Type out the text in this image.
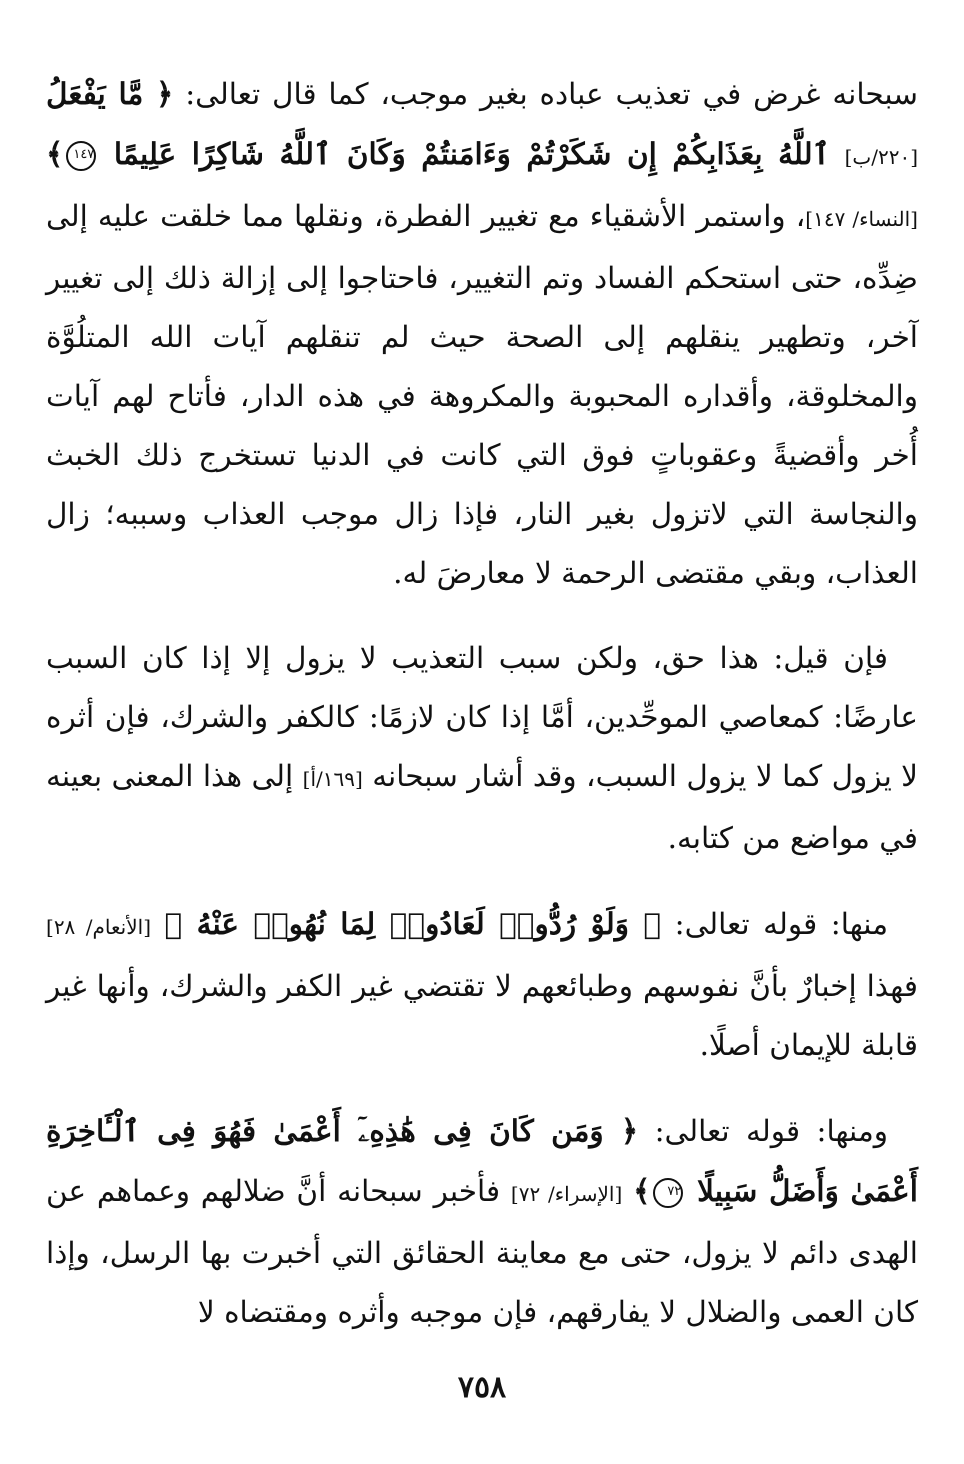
سبحانه غرض في تعذيب عباده بغير موجب، كما قال تعالى: ﴿ مَّا يَفْعَلُ [٢٢٠/ب] ٱللَّهُ بِعَذَابِكُمْ إِن شَكَرْتُمْ وَءَامَنتُمْ وَكَانَ ٱللَّهُ شَاكِرًا عَلِيمًا ١٤٧﴾ [النساء/ ١٤٧]، واستمر الأشقياء مع تغيير الفطرة، ونقلها مما خلقت عليه إلى ضِدِّه، حتى استحكم الفساد وتم التغيير، فاحتاجوا إلى إزالة ذلك إلى تغيير آخر، وتطهير ينقلهم إلى الصحة حيث لم تنقلهم آيات الله المتلُوَّة والمخلوقة، وأقداره المحبوبة والمكروهة في هذه الدار، فأتاح لهم آيات أُخر وأقضيةً وعقوباتٍ فوق التي كانت في الدنيا تستخرج ذلك الخبث والنجاسة التي لاتزول بغير النار، فإذا زال موجب العذاب وسببه؛ زال العذاب، وبقي مقتضى الرحمة لا معارضَ له.

فإن قيل: هذا حق، ولكن سبب التعذيب لا يزول إلا إذا كان السبب عارضًا: كمعاصي الموحِّدين، أمَّا إذا كان لازمًا: كالكفر والشرك، فإن أثره لا يزول كما لا يزول السبب، وقد أشار سبحانه [١٦٩/أ] إلى هذا المعنى بعينه في مواضع من كتابه.

منها: قوله تعالى: ﴿ وَلَوْ رُدُّوا۟ لَعَادُوا۟ لِمَا نُهُوا۟ عَنْهُ ﴾ [الأنعام/ ٢٨] فهذا إخبارٌ بأنَّ نفوسهم وطبائعهم لا تقتضي غير الكفر والشرك، وأنها غير قابلة للإيمان أصلًا.

ومنها: قوله تعالى: ﴿ وَمَن كَانَ فِى هَٰذِهِۦٓ أَعْمَىٰ فَهُوَ فِى ٱلْـَٔاخِرَةِ أَعْمَىٰ وَأَضَلُّ سَبِيلًا ٧٢﴾ [الإسراء/ ٧٢] فأخبر سبحانه أنَّ ضلالهم وعماهم عن الهدى دائم لا يزول، حتى مع معاينة الحقائق التي أخبرت بها الرسل، وإذا كان العمى والضلال لا يفارقهم، فإن موجبه وأثره ومقتضاه لا

٧٥٨
